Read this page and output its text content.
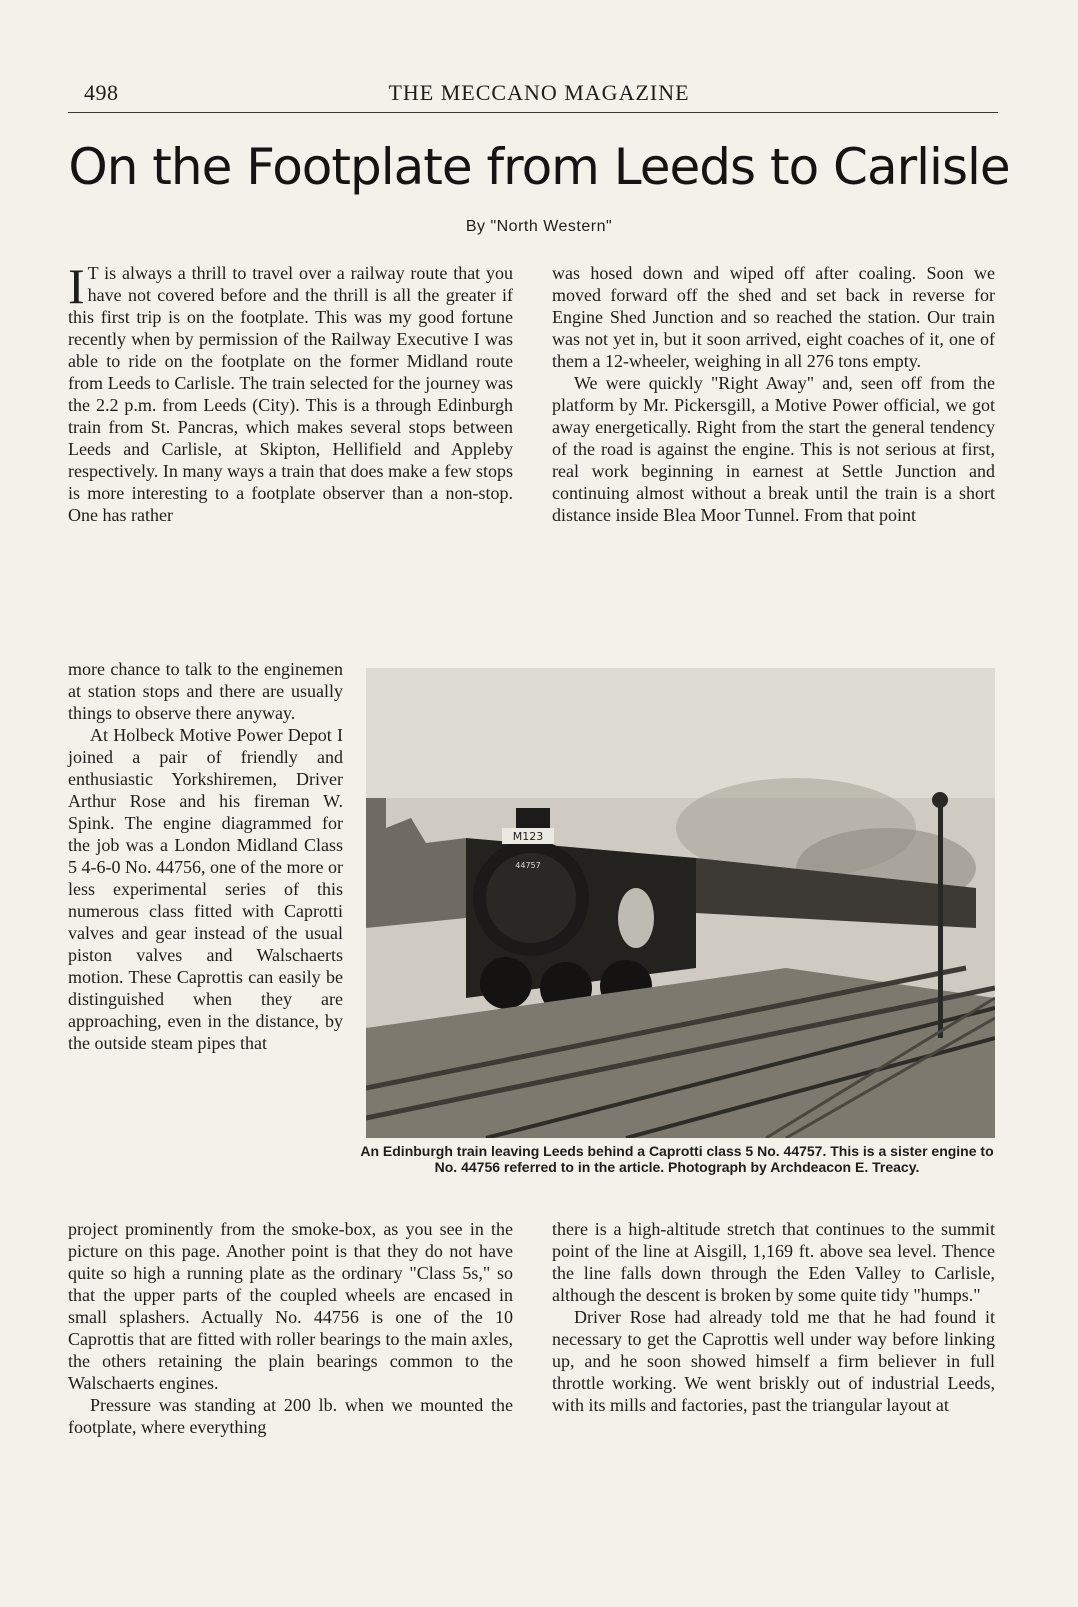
498	THE MECCANO MAGAZINE
On the Footplate from Leeds to Carlisle
By "North Western"

I T is always a thrill to travel over a railway route that you have not covered before and the thrill is all the greater if this first trip is on the footplate. This was my good fortune recently when by permission of the Railway Executive I was able to ride on the footplate on the former Midland route from Leeds to Carlisle. The train selected for the journey was the 2.2 p.m. from Leeds (City). This is a through Edinburgh train from St. Pancras, which makes several stops between Leeds and Carlisle, at Skipton, Hellifield and Appleby respectively. In many ways a train that does make a few stops is more interesting to a footplate observer than a non-stop. One has rather

more chance to talk to the enginemen at station stops and there are usually things to observe there anyway.

At Holbeck Motive Power Depot I joined a pair of friendly and enthusiastic Yorkshiremen, Driver Arthur Rose and his fireman W. Spink. The engine diagrammed for the job was a London Midland Class 5 4-6-0 No. 44756, one of the more or less experimental series of this numerous class fitted with Caprotti valves and gear instead of the usual piston valves and Walschaerts motion. These Caprottis can easily be distinguished when they are approaching, even in the distance, by the outside steam pipes that

project prominently from the smoke-box, as you see in the picture on this page. Another point is that they do not have quite so high a running plate as the ordinary "Class 5s," so that the upper parts of the coupled wheels are encased in small splashers. Actually No. 44756 is one of the 10 Caprottis that are fitted with roller bearings to the main axles, the others retaining the plain bearings common to the Walschaerts engines.

Pressure was standing at 200 lb. when we mounted the footplate, where everything

was hosed down and wiped off after coaling. Soon we moved forward off the shed and set back in reverse for Engine Shed Junction and so reached the station. Our train was not yet in, but it soon arrived, eight coaches of it, one of them a 12-wheeler, weighing in all 276 tons empty.

We were quickly "Right Away" and, seen off from the platform by Mr. Pickersgill, a Motive Power official, we got away energetically. Right from the start the general tendency of the road is against the engine. This is not serious at first, real work beginning in earnest at Settle Junction and continuing almost without a break until the train is a short distance inside Blea Moor Tunnel. From that point

there is a high-altitude stretch that continues to the summit point of the line at Aisgill, 1,169 ft. above sea level. Thence the line falls down through the Eden Valley to Carlisle, although the descent is broken by some quite tidy "humps."

Driver Rose had already told me that he had found it necessary to get the Caprottis well under way before linking up, and he soon showed himself a firm believer in full throttle working. We went briskly out of industrial Leeds, with its mills and factories, past the triangular layout at

M123
44757
An Edinburgh train leaving Leeds behind a Caprotti class 5 No. 44757. This is a sister engine to No. 44756 referred to in the article. Photograph by Archdeacon E. Treacy.
